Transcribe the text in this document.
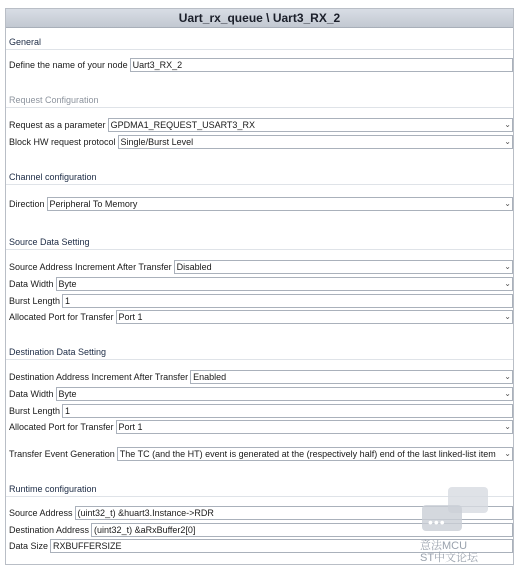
Uart_rx_queue \ Uart3_RX_2
General
Define the name of your node Uart3_RX_2
Request Configuration
Request as a parameter GPDMA1_REQUEST_USART3_RX	⌄
Block HW request protocol Single/Burst Level	⌄
Channel configuration
Direction Peripheral To Memory	⌄
Source Data Setting
Source Address Increment After Transfer Disabled	⌄
Data Width Byte	⌄
Burst Length 1
Allocated Port for Transfer Port 1	⌄
Destination Data Setting
Destination Address Increment After Transfer Enabled	⌄
Data Width Byte	⌄
Burst Length 1
Allocated Port for Transfer Port 1	⌄
Transfer Event Generation The TC (and the HT) event is generated at the (respectively half) end of the last linked-list item ⌄
Runtime configuration
Source Address (uint32_t) &huart3.Instance->RDR
Destination Address (uint32_t) &aRxBuffer2[0]
Data Size RXBUFFERSIZE
•••
意法MCU
ST中文论坛
